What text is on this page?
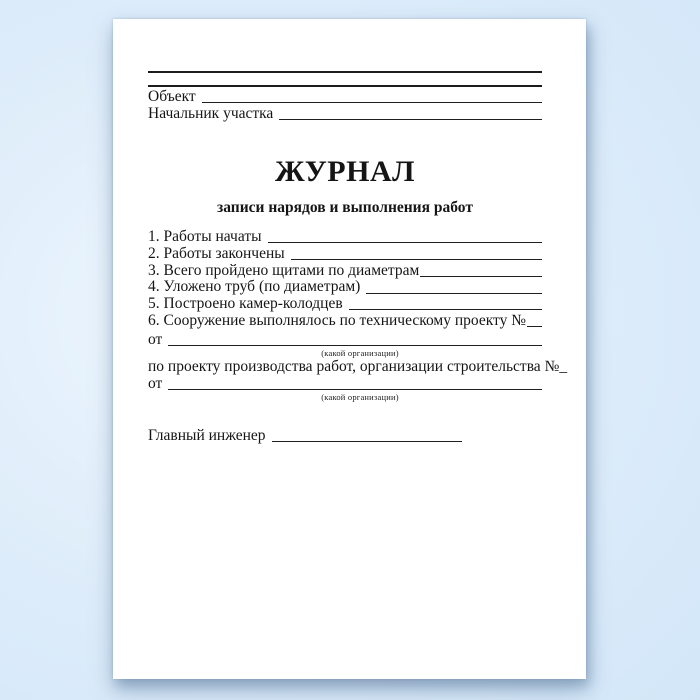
Объект
Начальник участка
ЖУРНАЛ
записи нарядов и выполнения работ
1. Работы начаты
2. Работы закончены
3. Всего пройдено щитами по диаметрам
4. Уложено труб (по диаметрам)
5. Построено камер-колодцев
6. Сооружение выполнялось по техническому проекту №
от
(какой организации)
по проекту производства работ, организации строительства №_
от
(какой организации)
Главный инженер
